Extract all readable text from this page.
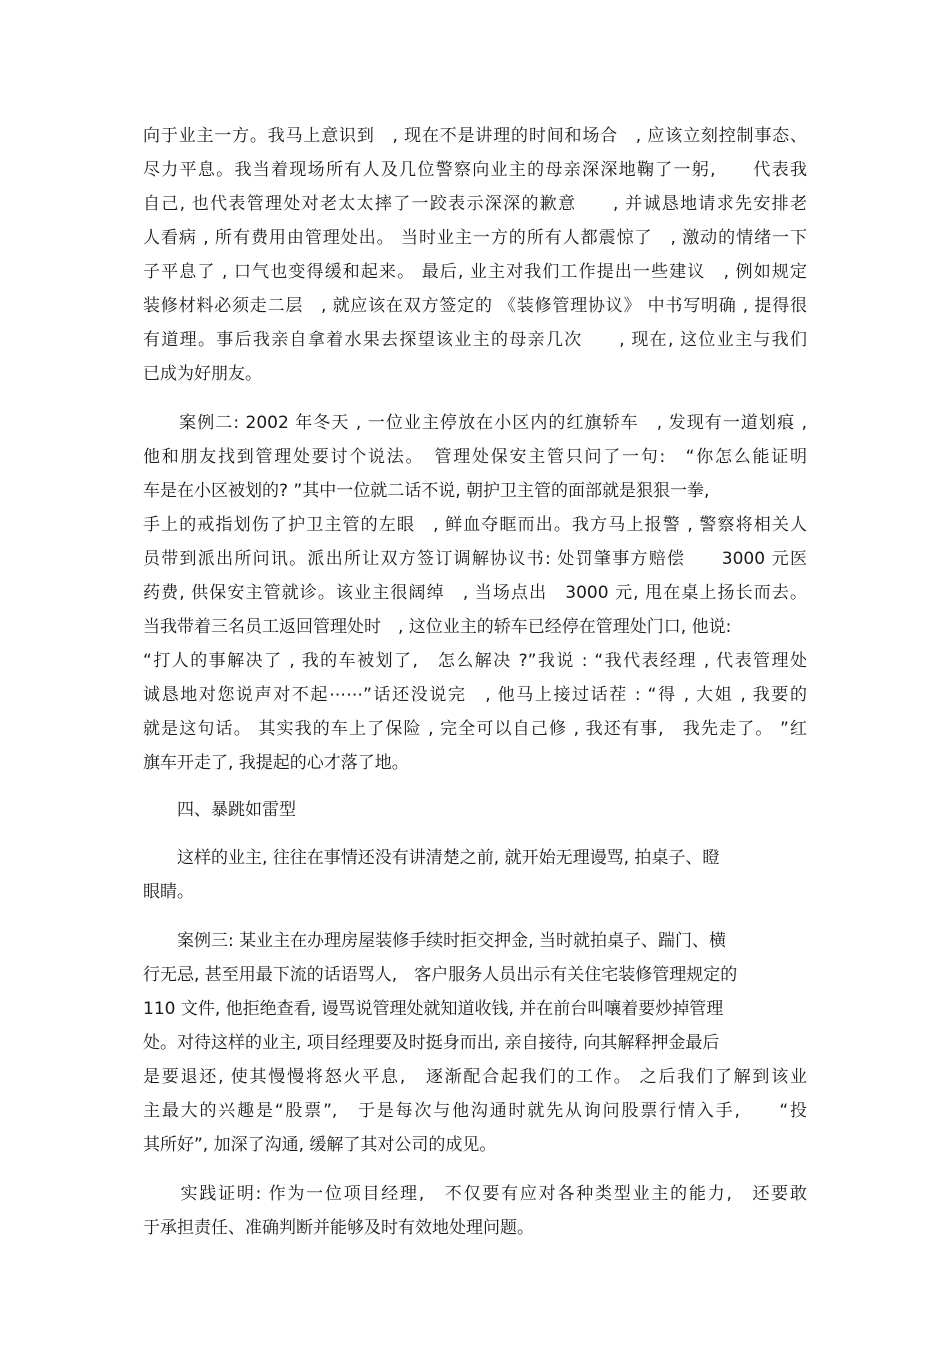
向于业主一方。我马上意识到　, 现在不是讲理的时间和场合　, 应该立刻控制事态、
尽力平息。我当着现场所有人及几位警察向业主的母亲深深地鞠了一躬,　　代表我
自己, 也代表管理处对老太太摔了一跤表示深深的歉意　　, 并诚恳地请求先安排老
人看病 , 所有费用由管理处出。 当时业主一方的所有人都震惊了　, 激动的情绪一下
子平息了 , 口气也变得缓和起来。 最后, 业主对我们工作提出一些建议　, 例如规定
装修材料必须走二层　, 就应该在双方签定的 《装修管理协议》 中书写明确 , 提得很
有道理。事后我亲自拿着水果去探望该业主的母亲几次　　, 现在, 这位业主与我们
已成为好朋友。
　　案例二: 2002 年冬天 , 一位业主停放在小区内的红旗轿车　, 发现有一道划痕 ,
他和朋友找到管理处要讨个说法。　管理处保安主管只问了一句:　“你怎么能证明
车是在小区被划的? ”其中一位就二话不说, 朝护卫主管的面部就是狠狠一拳,
手上的戒指划伤了护卫主管的左眼　, 鲜血夺眶而出。我方马上报警 , 警察将相关人
员带到派出所问讯。派出所让双方签订调解协议书: 处罚肇事方赔偿　　3000 元医
药费, 供保安主管就诊。该业主很阔绰　, 当场点出　3000 元, 甩在桌上扬长而去。
当我带着三名员工返回管理处时　, 这位业主的轿车已经停在管理处门口, 他说:
“打人的事解决了 , 我的车被划了,　怎么解决 ?”我说 : “我代表经理 , 代表管理处
诚恳地对您说声对不起⋯⋯”话还没说完　, 他马上接过话茬 : “得 , 大姐 , 我要的
就是这句话。 其实我的车上了保险 , 完全可以自己修 , 我还有事,　我先走了。 ”红
旗车开走了, 我提起的心才落了地。
　　四、暴跳如雷型
　　这样的业主, 往往在事情还没有讲清楚之前, 就开始无理谩骂, 拍桌子、瞪
眼睛。
　　案例三: 某业主在办理房屋装修手续时拒交押金, 当时就拍桌子、踹门、横
行无忌, 甚至用最下流的话语骂人,　客户服务人员出示有关住宅装修管理规定的
110 文件, 他拒绝查看, 谩骂说管理处就知道收钱, 并在前台叫嚷着要炒掉管理
处。对待这样的业主, 项目经理要及时挺身而出, 亲自接待, 向其解释押金最后
是要退还, 使其慢慢将怒火平息,　逐渐配合起我们的工作。 之后我们了解到该业
主最大的兴趣是“股票”,　于是每次与他沟通时就先从询问股票行情入手,　　“投
其所好”, 加深了沟通, 缓解了其对公司的成见。
　　实践证明: 作为一位项目经理,　不仅要有应对各种类型业主的能力,　还要敢
于承担责任、准确判断并能够及时有效地处理问题。
